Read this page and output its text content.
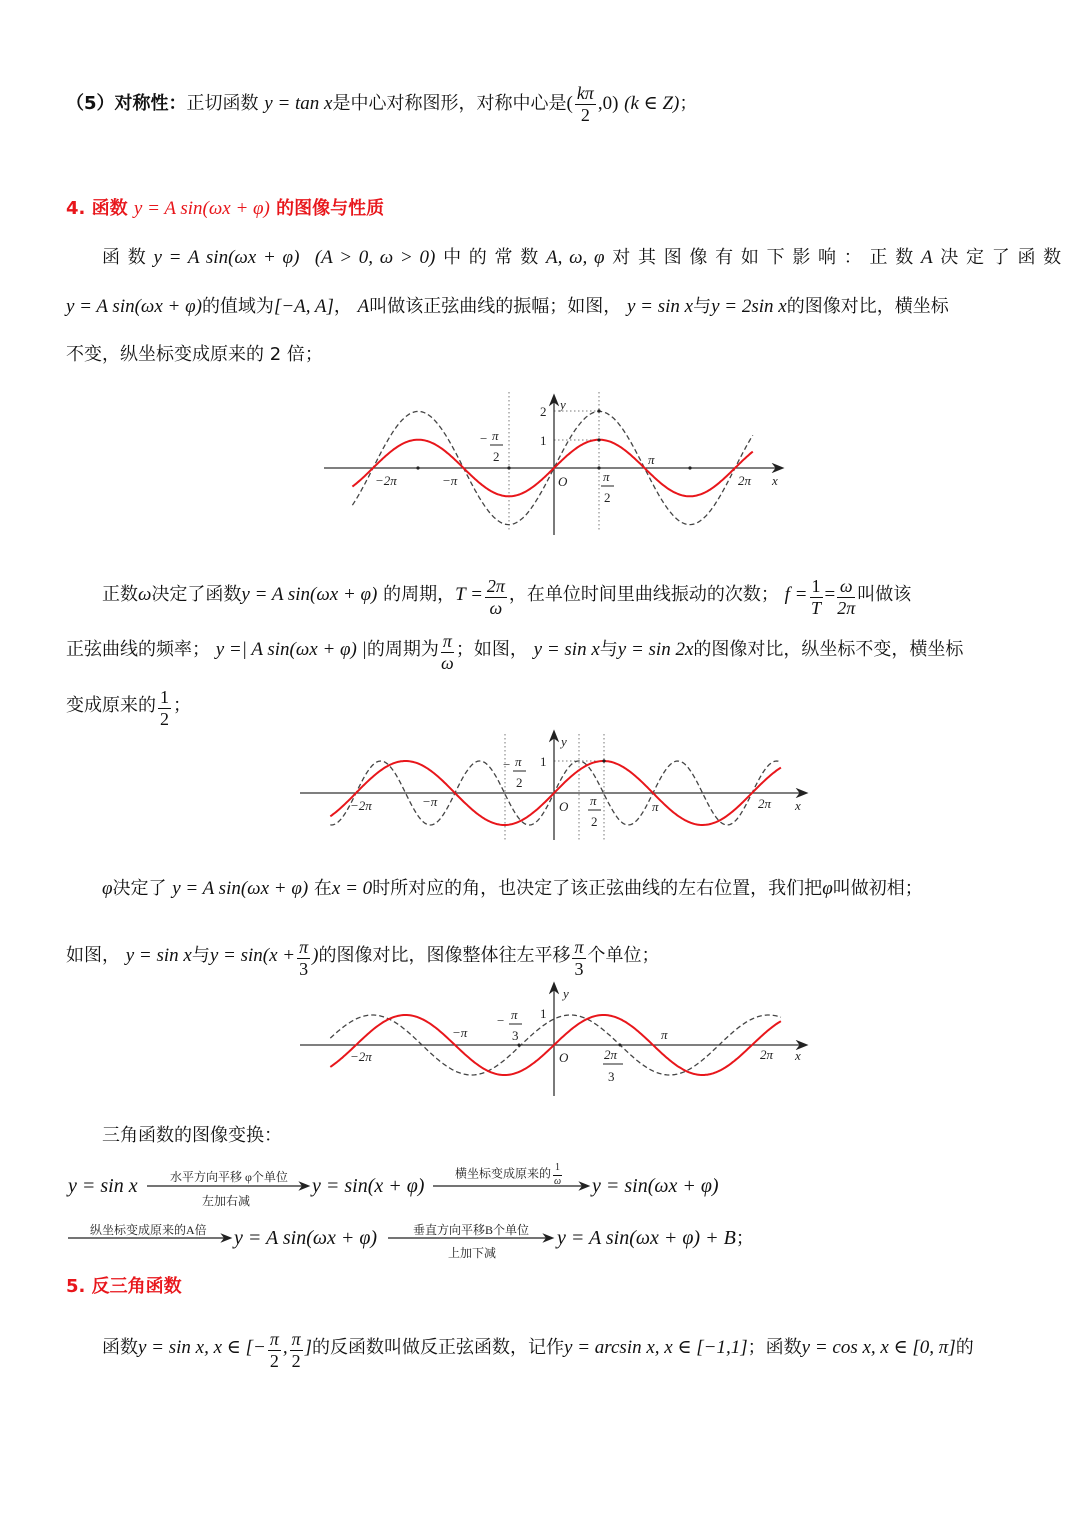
（5）对称性：正切函数 y = tan x是中心对称图形，对称中心是( $\frac{k\pi}{2} ,0$) (k ∈ Z)；
4. 函数 y = A sin(ωx + φ) 的图像与性质
函 数 y = A sin(ωx + φ) (A > 0, ω > 0) 中 的 常 数 A, ω, φ 对 其 图 像 有 如 下 影 响 ： 正 数 A 决 定 了 函 数
y = A sin(ωx + φ)的值域为[−A, A]， A叫做该正弦曲线的振幅；如图， y = sin x与y = 2sin x的图像对比，横坐标
不变，纵坐标变成原来的 2 倍；
−2π	−π
− π
2
O	π
2
π
2π x
2 y
1
−2π	−π
− π
2
O π
2
π	2π x
1
y
−2π
−π
− π
3
O	2π
3
π
2π x
1
y
正数ω决定了函数y = A sin(ωx + φ) 的周期，$T = \frac{2\pi}{\omega}$ ，在单位时间里曲线振动的次数； $f = \frac{1}{T} = \frac{\omega}{2\pi}$ 叫做该
正弦曲线的频率； y =| A sin(ωx + φ) |的周期为 $\frac{\pi}{\omega}$ ；如图， y = sin x与y = sin 2x的图像对比，纵坐标不变，横坐标
变成原来的 $\frac{1}{2}$ ；
φ决定了 y = A sin(ωx + φ) 在x = 0时所对应的角，也决定了该正弦曲线的左右位置，我们把φ叫做初相；
如图， y = sin x与$y = \sin(x + \frac{\pi}{3}$ )的图像对比，图像整体往左平移 $\frac{\pi}{3}$ 个单位；
三角函数的图像变换：
y = sin x	水平方向平移 φ个单位
左加右减
y = sin(x + φ)
横坐标变成原来的 $\frac{1}{\omega}$ y = sin(ωx + φ)
纵坐标变成原来的A倍 y = A sin(ωx + φ)	垂直方向平移B个单位
上加下减
y = A sin(ωx + φ) + B；
5. 反三角函数
函数y = sin x, x ∈ [− $\frac{\pi}{2}$ , $\frac{\pi}{2}$ ]的反函数叫做反正弦函数，记作y = arcsin x, x ∈ [−1,1]；函数y = cos x, x ∈ [0, π]的
